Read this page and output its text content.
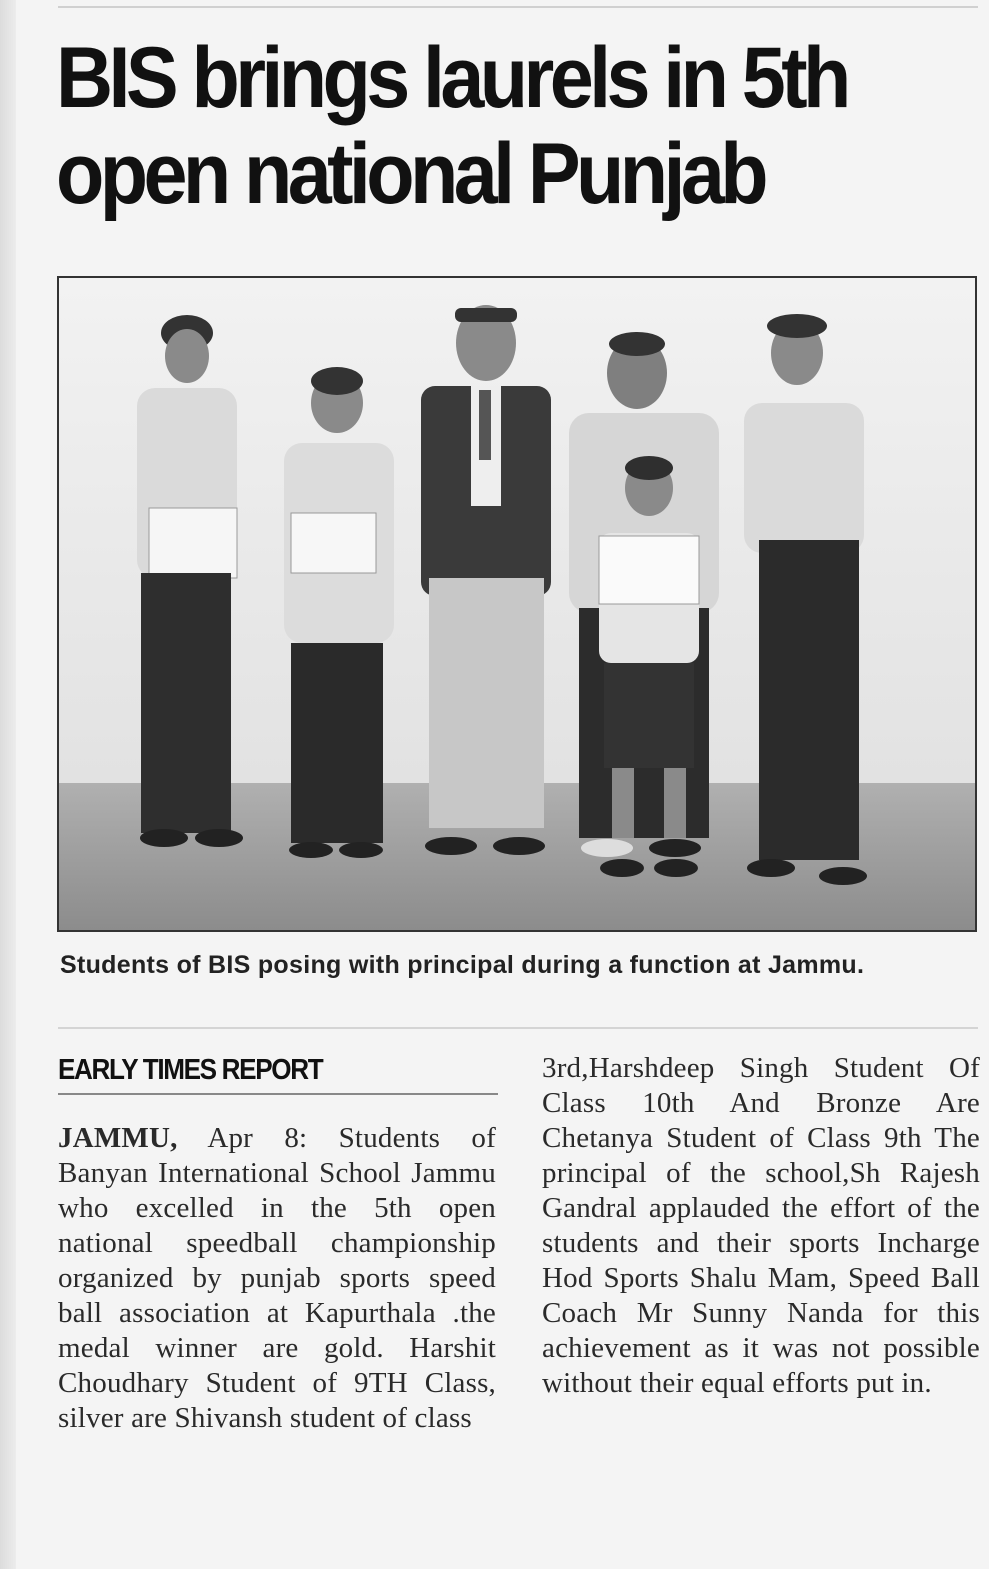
BIS brings laurels in 5th open national Punjab
Students of BIS posing with principal during a function at Jammu.
EARLY TIMES REPORT

JAMMU, Apr 8: Students of Banyan International School Jammu who excelled in the 5th open national speedball championship organized by punjab sports speed ball association at Kapurthala .the medal winner are gold. Harshit Choudhary Student of 9TH Class, silver are Shivansh student of class

3rd,Harshdeep Singh Student Of Class 10th And Bronze Are Chetanya Student of Class 9th The principal of the school,Sh Rajesh Gandral applauded the effort of the students and their sports Incharge Hod Sports Shalu Mam, Speed Ball Coach Mr Sunny Nanda for this achievement as it was not possible without their equal efforts put in.
